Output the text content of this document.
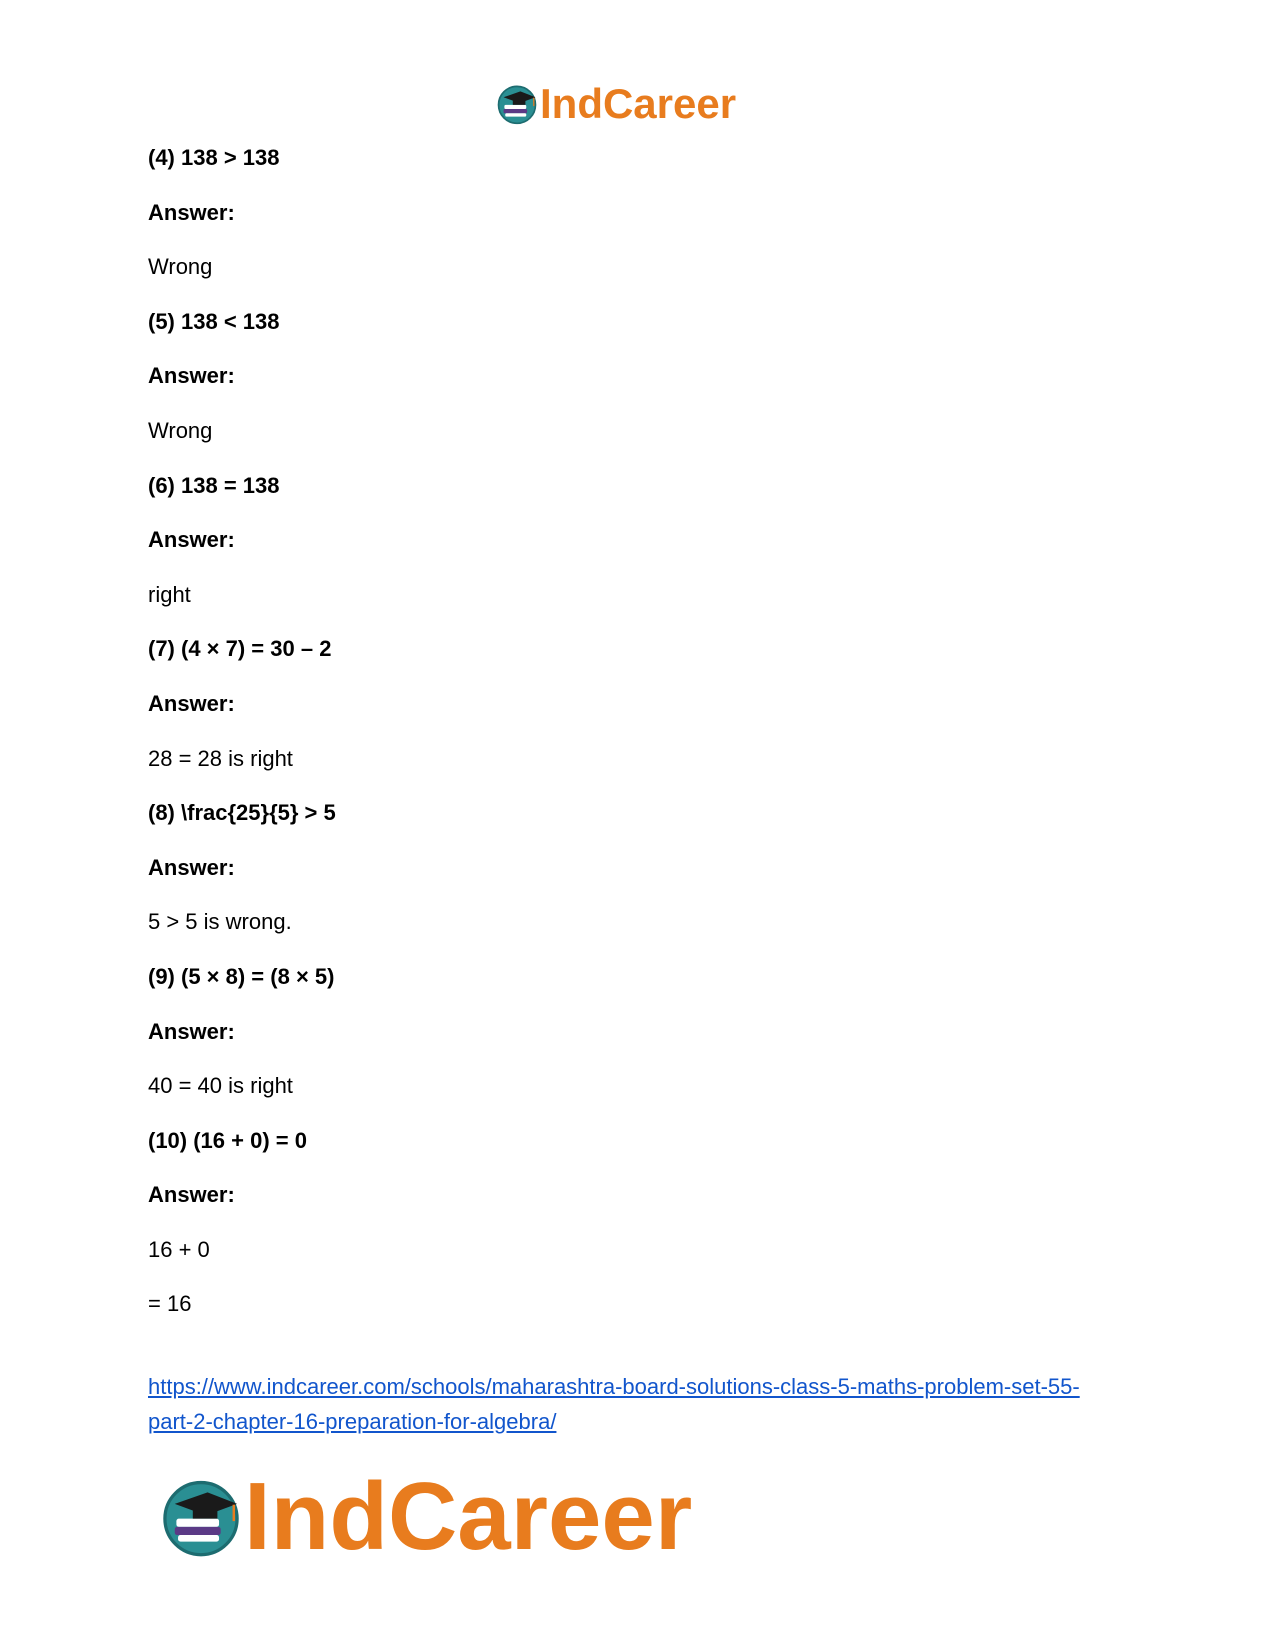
IndCareer
(4) 138 > 138
Answer:
Wrong
(5) 138 < 138
Answer:
Wrong
(6) 138 = 138
Answer:
right
(7) (4 × 7) = 30 – 2
Answer:
28 = 28 is right
(8) \frac{25}{5} > 5
Answer:
5 > 5 is wrong.
(9) (5 × 8) = (8 × 5)
Answer:
40 = 40 is right
(10) (16 + 0) = 0
Answer:
16 + 0
= 16
https://www.indcareer.com/schools/maharashtra-board-solutions-class-5-maths-problem-set-55-
part-2-chapter-16-preparation-for-algebra/
IndCareer
